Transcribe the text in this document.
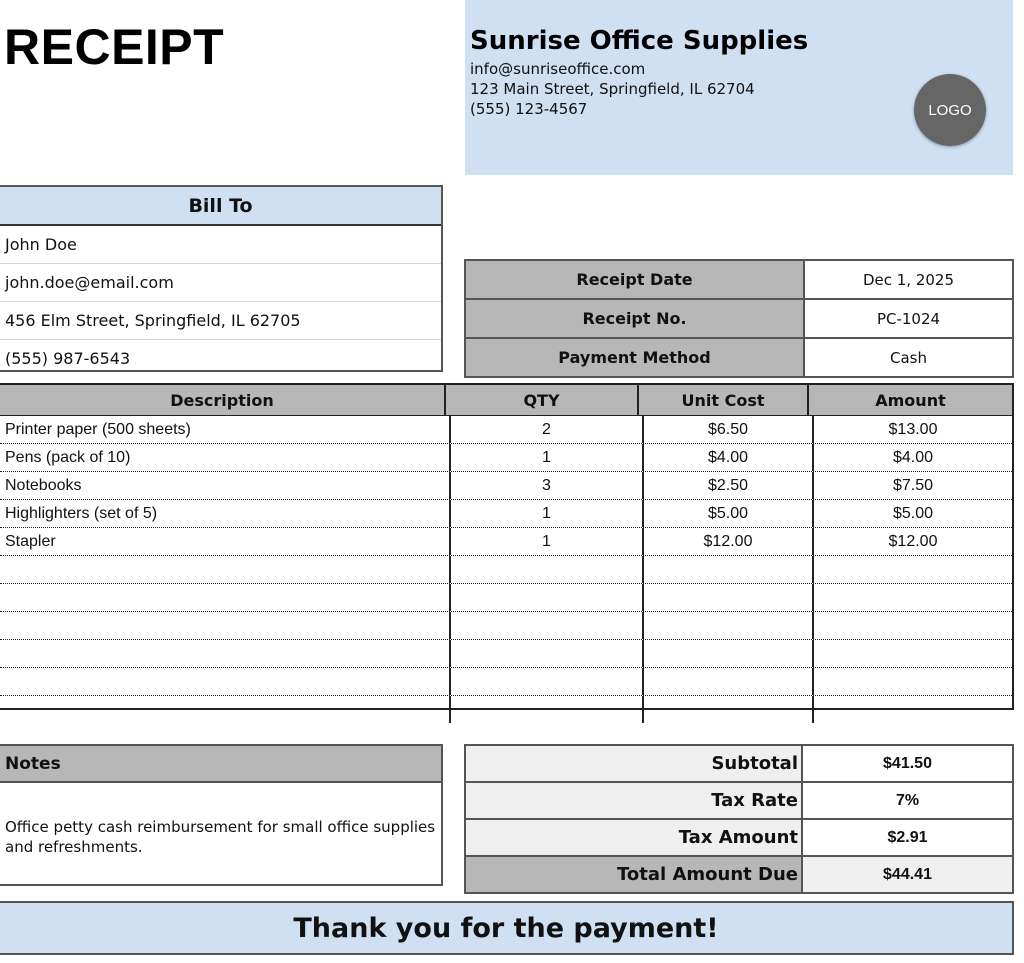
RECEIPT	Sunrise Office Supplies
info@sunriseoffice.com
123 Main Street, Springfield, IL 62704
(555) 123-4567	LOGO
Bill To
John Doe
john.doe@email.com
456 Elm Street, Springfield, IL 62705
(555) 987-6543
Receipt Date	Dec 1, 2025
Receipt No.	PC-1024
Payment Method	Cash
Description	QTY	Unit Cost	Amount
Printer paper (500 sheets)	2	$6.50	$13.00
Pens (pack of 10)	1	$4.00	$4.00
Notebooks	3	$2.50	$7.50
Highlighters (set of 5)	1	$5.00	$5.00
Stapler	1	$12.00	$12.00
Notes
Office petty cash reimbursement for small office supplies and refreshments.
Subtotal	$41.50
Tax Rate	7%
Tax Amount	$2.91
Total Amount Due	$44.41
Thank you for the payment!
